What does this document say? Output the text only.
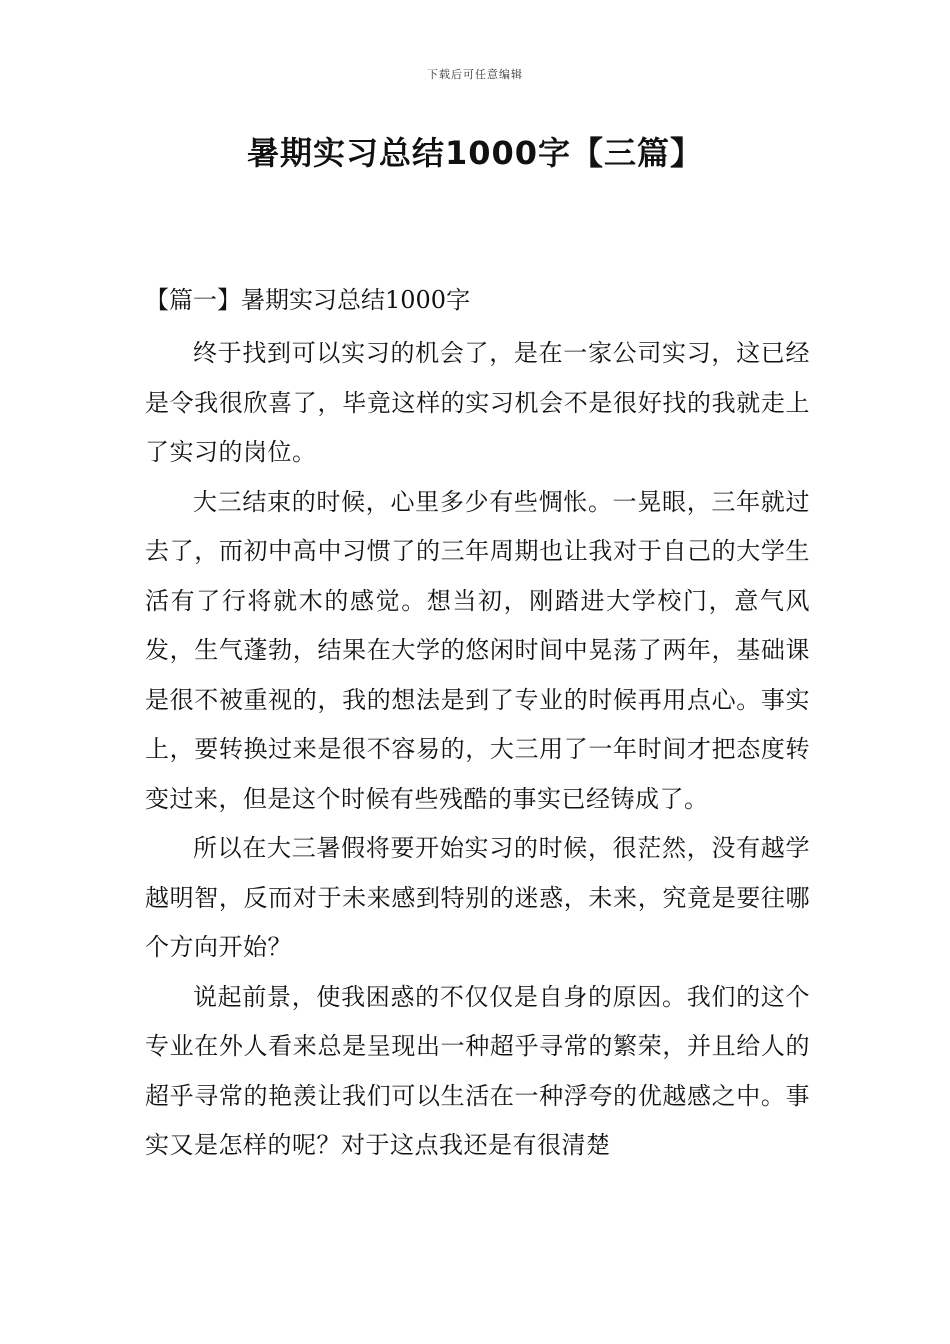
下载后可任意编辑
暑期实习总结1000字【三篇】

【篇一】暑期实习总结1000字

终于找到可以实习的机会了，是在一家公司实习，这已经是令我很欣喜了，毕竟这样的实习机会不是很好找的我就走上了实习的岗位。

大三结束的时候，心里多少有些惆怅。一晃眼，三年就过去了，而初中高中习惯了的三年周期也让我对于自己的大学生活有了行将就木的感觉。想当初，刚踏进大学校门，意气风发，生气蓬勃，结果在大学的悠闲时间中晃荡了两年，基础课是很不被重视的，我的想法是到了专业的时候再用点心。事实上，要转换过来是很不容易的，大三用了一年时间才把态度转变过来，但是这个时候有些残酷的事实已经铸成了。

所以在大三暑假将要开始实习的时候，很茫然，没有越学越明智，反而对于未来感到特别的迷惑，未来，究竟是要往哪个方向开始？

说起前景，使我困惑的不仅仅是自身的原因。我们的这个专业在外人看来总是呈现出一种超乎寻常的繁荣，并且给人的超乎寻常的艳羡让我们可以生活在一种浮夸的优越感之中。事实又是怎样的呢？对于这点我还是有很清楚
